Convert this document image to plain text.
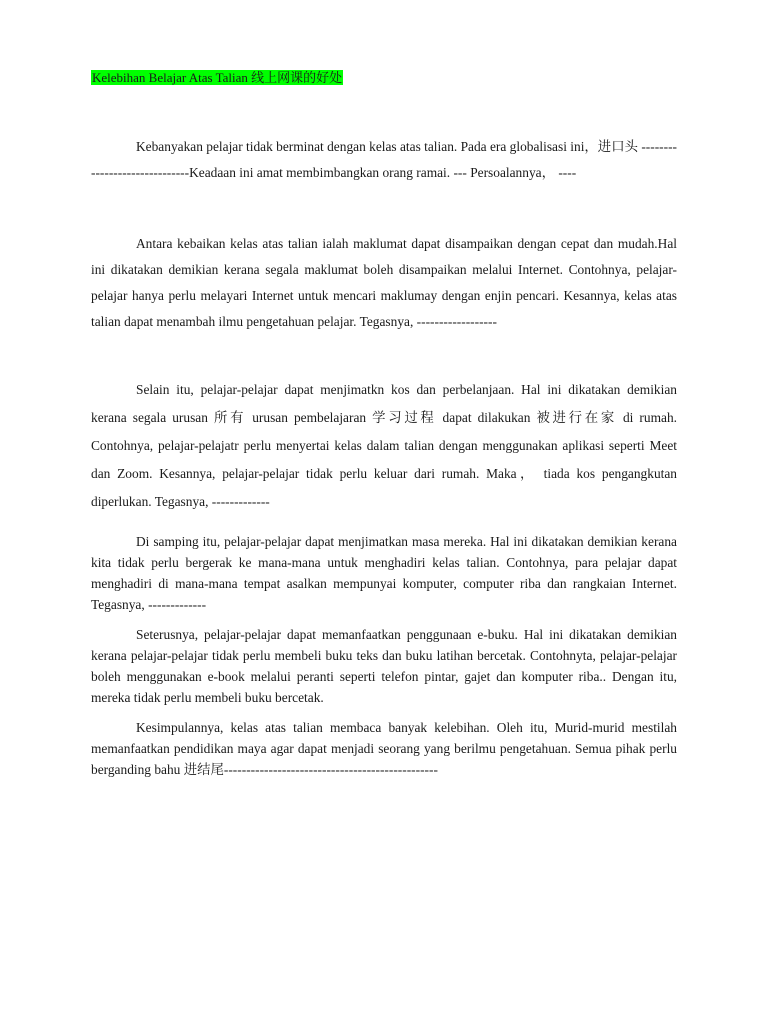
Kelebihan Belajar Atas Talian 线上网课的好处

Kebanyakan pelajar tidak berminat dengan kelas atas talian. Pada era globalisasi ini，进口头 ------------------------------Keadaan ini amat membimbangkan orang ramai. --- Persoalannya， ----

Antara kebaikan kelas atas talian ialah maklumat dapat disampaikan dengan cepat dan mudah.Hal ini dikatakan demikian kerana segala maklumat boleh disampaikan melalui Internet. Contohnya, pelajar-pelajar hanya perlu melayari Internet untuk mencari maklumay dengan enjin pencari. Kesannya, kelas atas talian dapat menambah ilmu pengetahuan pelajar. Tegasnya, ------------------

Selain itu, pelajar-pelajar dapat menjimatkn kos dan perbelanjaan. Hal ini dikatakan demikian kerana segala urusan 所有 urusan pembelajaran 学习过程 dapat dilakukan 被进行在家 di rumah. Contohnya, pelajar-pelajatr perlu menyertai kelas dalam talian dengan menggunakan aplikasi seperti Meet dan Zoom. Kesannya, pelajar-pelajar tidak perlu keluar dari rumah. Maka， tiada kos pengangkutan diperlukan. Tegasnya, -------------

Di samping itu, pelajar-pelajar dapat menjimatkan masa mereka. Hal ini dikatakan demikian kerana kita tidak perlu bergerak ke mana-mana untuk menghadiri kelas talian. Contohnya, para pelajar dapat menghadiri di mana-mana tempat asalkan mempunyai komputer, computer riba dan rangkaian Internet. Tegasnya, -------------

Seterusnya, pelajar-pelajar dapat memanfaatkan penggunaan e-buku. Hal ini dikatakan demikian kerana pelajar-pelajar tidak perlu membeli buku teks dan buku latihan bercetak. Contohnyta, pelajar-pelajar boleh menggunakan e-book melalui peranti seperti telefon pintar, gajet dan komputer riba.. Dengan itu, mereka tidak perlu membeli buku bercetak.

Kesimpulannya, kelas atas talian membaca banyak kelebihan. Oleh itu, Murid-murid mestilah memanfaatkan pendidikan maya agar dapat menjadi seorang yang berilmu pengetahuan. Semua pihak perlu berganding bahu 进结尾------------------------------------------------
